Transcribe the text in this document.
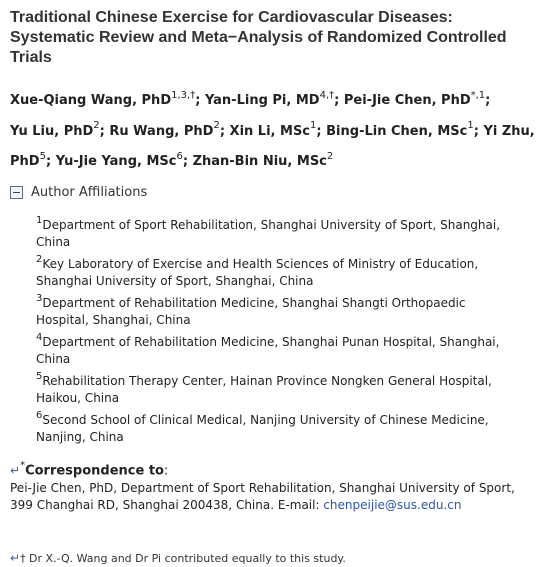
Traditional Chinese Exercise for Cardiovascular Diseases:
Systematic Review and Meta−Analysis of Randomized Controlled
Trials
Xue-Qiang Wang, PhD$^{1,3,\dagger}$; Yan-Ling Pi, $MD^{4,\dagger}$; Pei-Jie Chen, PhD$^{*,1}$; Yu Liu, PhD$^2$; Ru Wang, PhD$^2$; Xin Li, MSc$^1$; Bing-Lin Chen, MSc$^1$; Yi Zhu, PhD$^5$; Yu-Jie Yang, MSc$^6$; Zhan-Bin Niu, MSc$^2$
Author Affiliations
$^1$Department of Sport Rehabilitation, Shanghai University of Sport, Shanghai, China
$^2$Key Laboratory of Exercise and Health Sciences of Ministry of Education, Shanghai University of Sport, Shanghai, China
$^3$Department of Rehabilitation Medicine, Shanghai Shangti Orthopaedic Hospital, Shanghai, China
$^4$Department of Rehabilitation Medicine, Shanghai Punan Hospital, Shanghai, China
$^5$Rehabilitation Therapy Center, Hainan Province Nongken General Hospital, Haikou, China
$^6$Second School of Clinical Medical, Nanjing University of Chinese Medicine, Nanjing, China
↵*Correspondence to:
Pei-Jie Chen, PhD, Department of Sport Rehabilitation, Shanghai University of Sport, 399 Changhai RD, Shanghai 200438, China. E-mail: chenpeijie@sus.edu.cn
↵† Dr X.-Q. Wang and Dr Pi contributed equally to this study.
